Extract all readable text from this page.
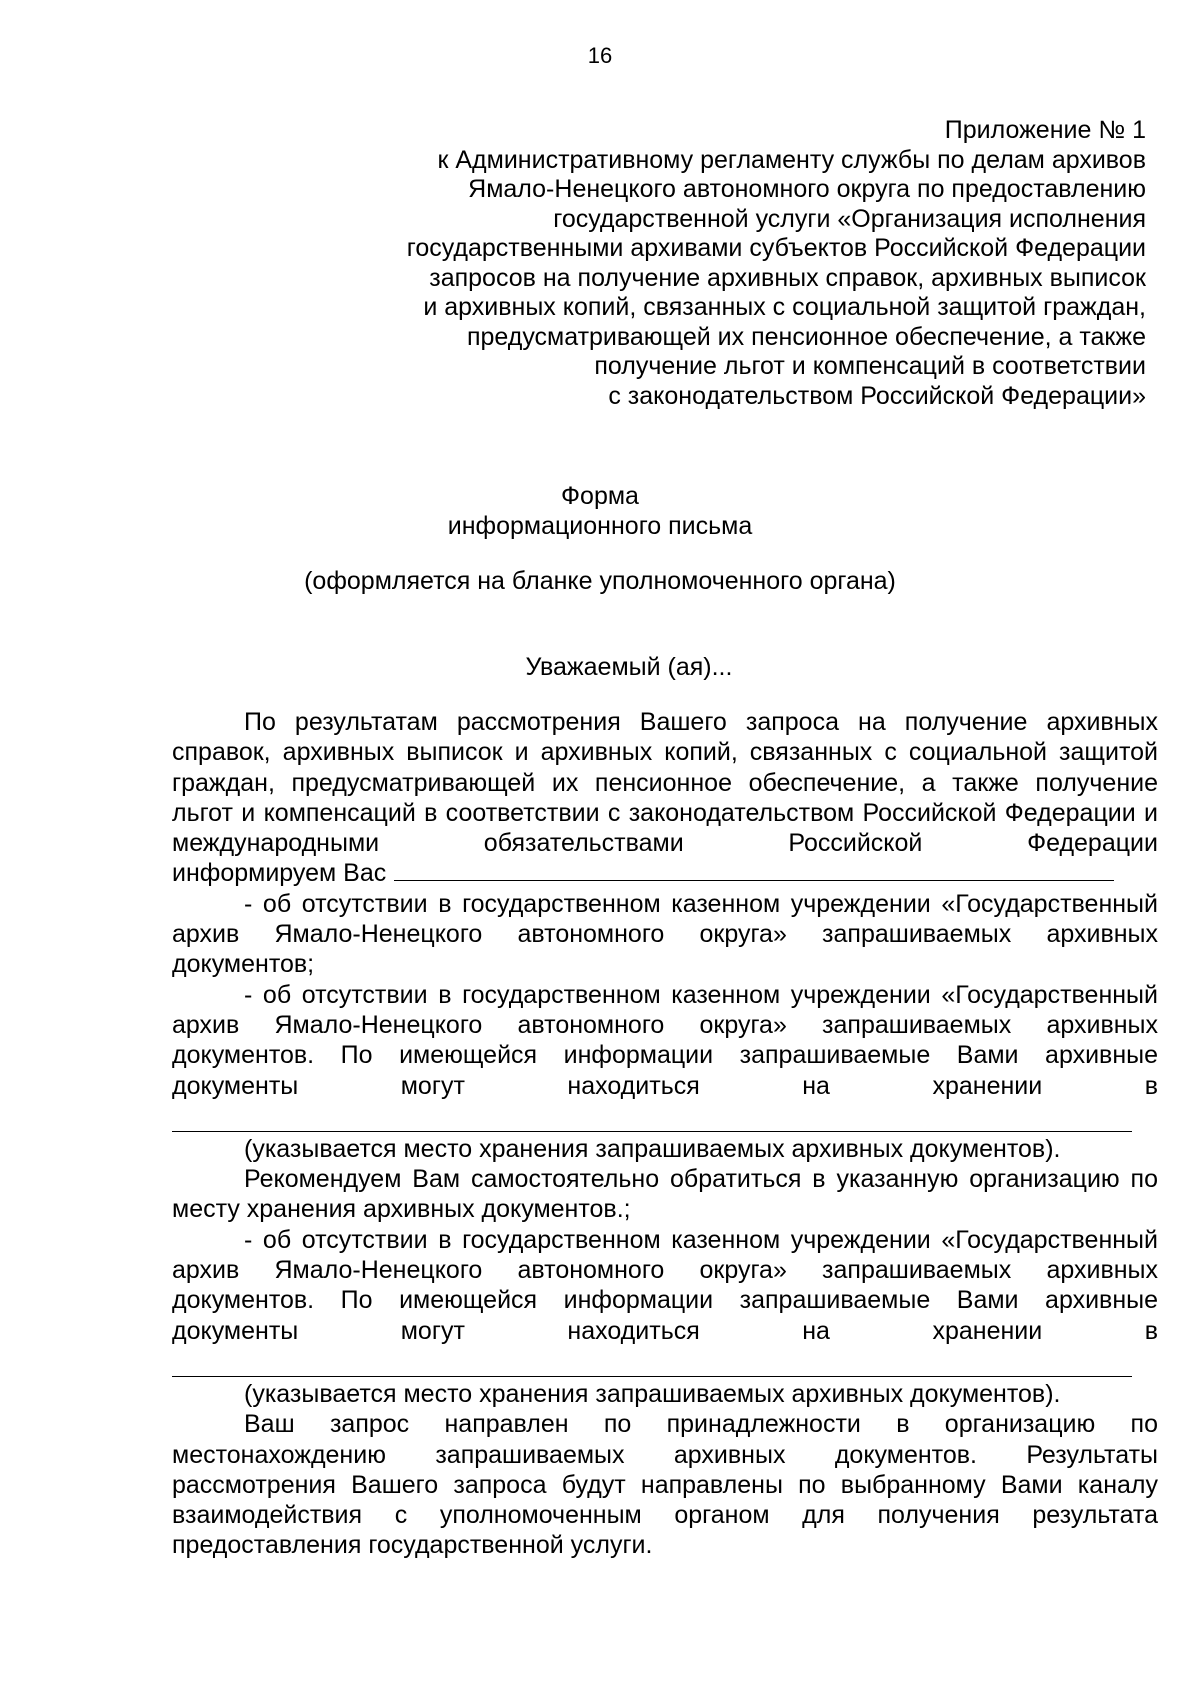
16
Приложение № 1
к Административному регламенту службы по делам архивов
Ямало-Ненецкого автономного округа по предоставлению
государственной услуги «Организация исполнения
государственными архивами субъектов Российской Федерации
запросов на получение архивных справок, архивных выписок
и архивных копий, связанных с социальной защитой граждан,
предусматривающей их пенсионное обеспечение, а также
получение льгот и компенсаций в соответствии
с законодательством Российской Федерации»
Форма
информационного письма
(оформляется на бланке уполномоченного органа)
Уважаемый (ая)...
По результатам рассмотрения Вашего запроса на получение архивных справок, архивных выписок и архивных копий, связанных с социальной защитой граждан, предусматривающей их пенсионное обеспечение, а также получение льгот и компенсаций в соответствии с законодательством Российской Федерации и международными обязательствами Российской Федерации
информируем Вас
- об отсутствии в государственном казенном учреждении «Государственный архив Ямало-Ненецкого автономного округа» запрашиваемых архивных документов;
- об отсутствии в государственном казенном учреждении «Государственный архив Ямало-Ненецкого автономного округа» запрашиваемых архивных документов. По имеющейся информации запрашиваемые Вами архивные документы могут находиться на хранении в
(указывается место хранения запрашиваемых архивных документов).
Рекомендуем Вам самостоятельно обратиться в указанную организацию по месту хранения архивных документов.;
- об отсутствии в государственном казенном учреждении «Государственный архив Ямало-Ненецкого автономного округа» запрашиваемых архивных документов. По имеющейся информации запрашиваемые Вами архивные документы могут находиться на хранении в
(указывается место хранения запрашиваемых архивных документов).
Ваш запрос направлен по принадлежности в организацию по местонахождению запрашиваемых архивных документов. Результаты рассмотрения Вашего запроса будут направлены по выбранному Вами каналу взаимодействия с уполномоченным органом для получения результата предоставления государственной услуги.
